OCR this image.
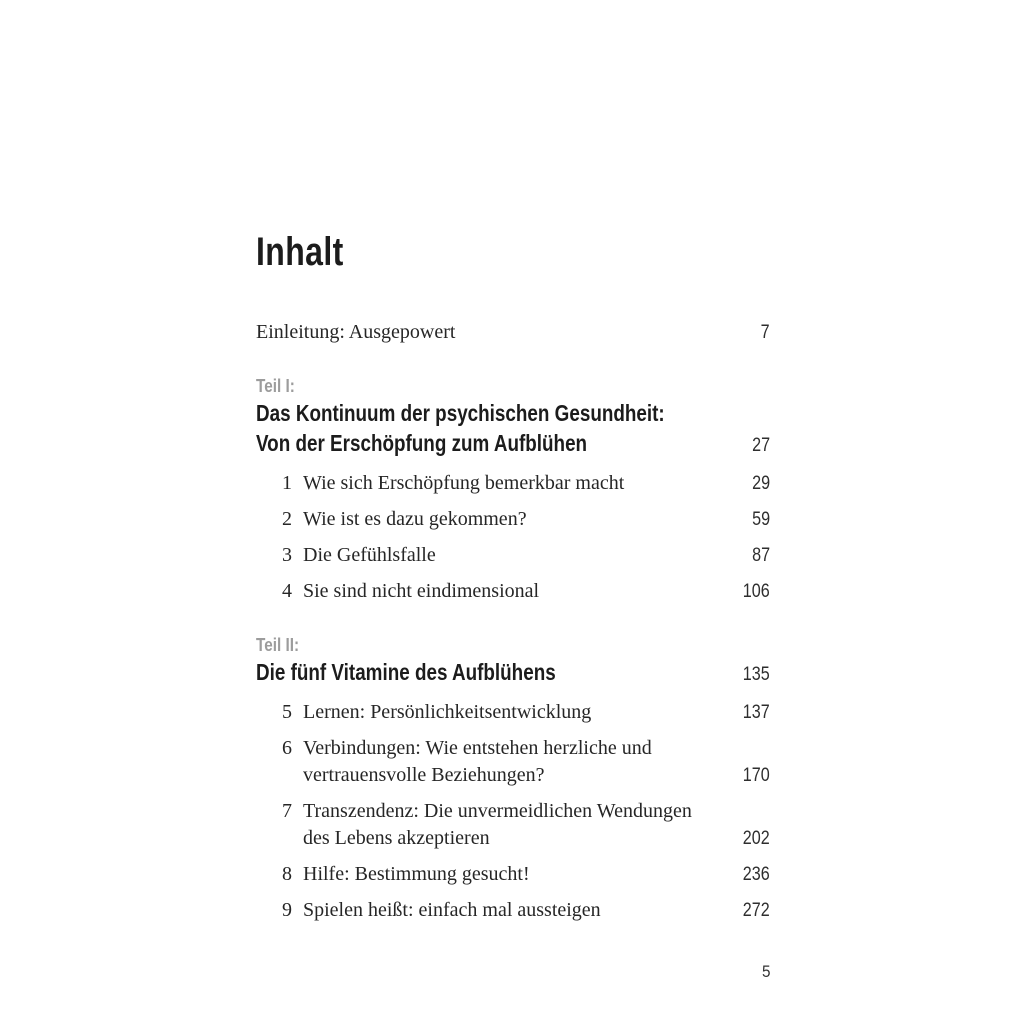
Inhalt
Einleitung: Ausgepowert	7
Teil I:
Das Kontinuum der psychischen Gesundheit:
Von der Erschöpfung zum Aufblühen	27
1 Wie sich Erschöpfung bemerkbar macht	29
2 Wie ist es dazu gekommen?	59
3 Die Gefühlsfalle	87
4 Sie sind nicht eindimensional	106
Teil II:
Die fünf Vitamine des Aufblühens	135
5 Lernen: Persönlichkeitsentwicklung	137
6 Verbindungen: Wie entstehen herzliche und
vertrauensvolle Beziehungen?	170
7 Transzendenz: Die unvermeidlichen Wendungen
des Lebens akzeptieren	202
8 Hilfe: Bestimmung gesucht!	236
9 Spielen heißt: einfach mal aussteigen	272
5
